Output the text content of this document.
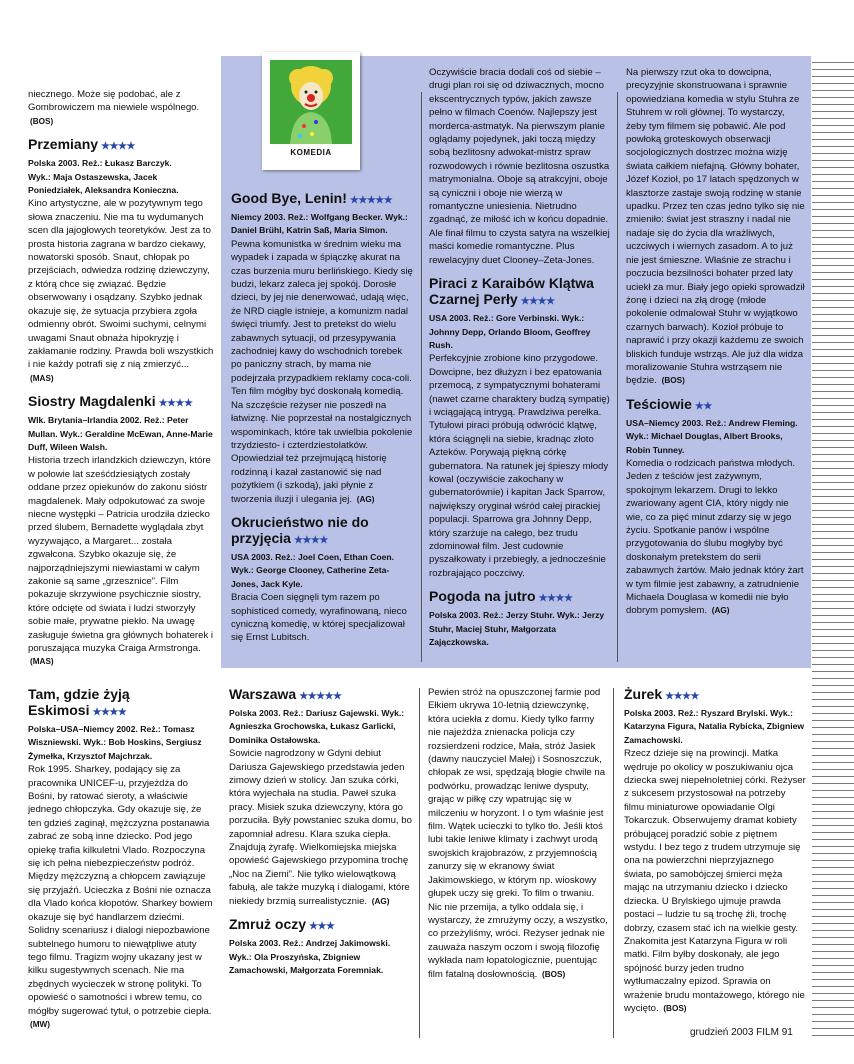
KOMEDIA

niecznego. Może się podobać, ale z Gombrowiczem ma niewiele wspólnego. (BOS)

Przemiany ★★★★

Polska 2003. Reż.: Łukasz Barczyk.

Wyk.: Maja Ostaszewska, Jacek Poniedziałek, Aleksandra Konieczna.

Kino artystyczne, ale w pozytywnym tego słowa znaczeniu. Nie ma tu wydumanych scen dla jajogłowych teoretyków. Jest za to prosta historia zagrana w bardzo ciekawy, nowatorski sposób. Snaut, chłopak po przejściach, odwiedza rodzinę dziewczyny, z którą chce się związać. Będzie obserwowany i osądzany. Szybko jednak okazuje się, że sytuacja przybiera zgoła odmienny obrót. Swoimi suchymi, celnymi uwagami Snaut obnaża hipokryzję i zakłamanie rodziny. Prawda boli wszystkich i nie każdy potrafi się z nią zmierzyć... (MAS)

Siostry Magdalenki ★★★★

Wlk. Brytania–Irlandia 2002. Reż.: Peter Mullan. Wyk.: Geraldine McEwan, Anne-Marie Duff, Wileen Walsh.

Historia trzech irlandzkich dziewczyn, które w połowie lat sześćdziesiątych zostały oddane przez opiekunów do zakonu sióstr magdalenek. Mały odpokutować za swoje niecne występki – Patricia urodziła dziecko przed ślubem, Bernadette wyglądała zbyt wyzywająco, a Margaret... została zgwałcona. Szybko okazuje się, że najporządniejszymi niewiastami w całym zakonie są same „grzesznice”. Film pokazuje skrzywione psychicznie siostry, które odcięte od świata i ludzi stworzyły sobie małe, prywatne piekło. Na uwagę zasługuje świetna gra głównych bohaterek i poruszająca muzyka Craiga Armstronga. (MAS)

Good Bye, Lenin! ★★★★★

Niemcy 2003. Reż.: Wolfgang Becker. Wyk.: Daniel Brühl, Katrin Saß, Maria Simon.

Pewna komunistka w średnim wieku ma wypadek i zapada w śpiączkę akurat na czas burzenia muru berlińskiego. Kiedy się budzi, lekarz zaleca jej spokój. Dorosłe dzieci, by jej nie denerwować, udają więc, że NRD ciągle istnieje, a komunizm nadal święci triumfy. Jest to pretekst do wielu zabawnych sytuacji, od przesypywania zachodniej kawy do wschodnich torebek po paniczny strach, by mama nie podejrzała przypadkiem reklamy coca-coli. Ten film mógłby być doskonałą komedią. Na szczęście reżyser nie poszedł na łatwiznę. Nie poprzestał na nostalgicznych wspominkach, które tak uwielbia pokolenie trzydziesto- i czterdziestolatków. Opowiedział też przejmującą historię rodzinną i kazał zastanowić się nad pożytkiem (i szkodą), jaki płynie z tworzenia iluzji i ulegania jej. (AG)

Okrucieństwo nie do przyjęcia ★★★★

USA 2003. Reż.: Joel Coen, Ethan Coen. Wyk.: George Clooney, Catherine Zeta-Jones, Jack Kyle.

Bracia Coen sięgnęli tym razem po sophisticed comedy, wyrafinowaną, nieco cyniczną komedię, w której specjalizował się Ernst Lubitsch.

Oczywiście bracia dodali coś od siebie – drugi plan roi się od dziwacznych, mocno ekscentrycznych typów, jakich zawsze pełno w filmach Coenów. Najlepszy jest morderca-astmatyk. Na pierwszym planie oglądamy pojedynek, jaki toczą między sobą bezlitosny adwokat-mistrz spraw rozwodowych i równie bezlitosna oszustka matrymonialna. Oboje są atrakcyjni, oboje są cyniczni i oboje nie wierzą w romantyczne uniesienia. Nietrudno zgadnąć, że miłość ich w końcu dopadnie. Ale finał filmu to czysta satyra na wszelkiej maści komedie romantyczne. Plus rewelacyjny duet Clooney–Zeta-Jones.

Piraci z Karaibów Klątwa Czarnej Perły ★★★★

USA 2003. Reż.: Gore Verbinski. Wyk.: Johnny Depp, Orlando Bloom, Geoffrey Rush.

Perfekcyjnie zrobione kino przygodowe. Dowcipne, bez dłużyzn i bez epatowania przemocą, z sympatycznymi bohaterami (nawet czarne charaktery budzą sympatię) i wciągającą intrygą. Prawdziwa perełka. Tytułowi piraci próbują odwrócić klątwę, która ściągnęli na siebie, kradnąc złoto Azteków. Porywają piękną córkę gubernatora. Na ratunek jej śpieszy młody kowal (oczywiście zakochany w gubernatorównie) i kapitan Jack Sparrow, największy oryginał wśród całej pirackiej populacji. Sparrowa gra Johnny Depp, który szarżuje na całego, bez trudu zdominował film. Jest cudownie pyszałkowaty i przebiegły, a jednocześnie rozbrajająco poczciwy.

Pogoda na jutro ★★★★

Polska 2003. Reż.: Jerzy Stuhr. Wyk.: Jerzy Stuhr, Maciej Stuhr, Małgorzata Zajączkowska.

Na pierwszy rzut oka to dowcipna, precyzyjnie skonstruowana i sprawnie opowiedziana komedia w stylu Stuhra ze Stuhrem w roli głównej. To wystarczy, żeby tym filmem się pobawić. Ale pod powłoką groteskowych obserwacji socjologicznych dostrzec można wizję świata całkiem niefajną. Główny bohater, Józef Kozioł, po 17 latach spędzonych w klasztorze zastaje swoją rodzinę w stanie upadku. Przez ten czas jedno tylko się nie zmieniło: świat jest straszny i nadal nie nadaje się do życia dla wrażliwych, uczciwych i wiernych zasadom. A to już nie jest śmieszne. Właśnie ze strachu i poczucia bezsilności bohater przed laty uciekł za mur. Biały jego opieki sprowadził żonę i dzieci na złą drogę (młode pokolenie odmalował Stuhr w wyjątkowo czarnych barwach). Kozioł próbuje to naprawić i przy okazji każdemu ze swoich bliskich funduje wstrząs. Ale już dla widza moralizowanie Stuhra wstrząsem nie będzie. (BOS)

Teściowie ★★

USA–Niemcy 2003. Reż.: Andrew Fleming. Wyk.: Michael Douglas, Albert Brooks, Robin Tunney.

Komedia o rodzicach państwa młodych. Jeden z teściów jest zażywnym, spokojnym lekarzem. Drugi to lekko zwariowany agent CIA, który nigdy nie wie, co za pięć minut zdarzy się w jego życiu. Spotkanie panów i wspólne przygotowania do ślubu mogłyby być doskonałym pretekstem do serii zabawnych żartów. Mało jednak który żart w tym filmie jest zabawny, a zatrudnienie Michaela Douglasa w komedii nie było dobrym pomysłem. (AG)

Tam, gdzie żyją Eskimosi ★★★★

Polska–USA–Niemcy 2002. Reż.: Tomasz Wiszniewski. Wyk.: Bob Hoskins, Sergiusz Żymełka, Krzysztof Majchrzak.

Rok 1995. Sharkey, podający się za pracownika UNICEF-u, przyjeżdża do Bośni, by ratować sieroty, a właściwie jednego chłopczyka. Gdy okazuje się, że ten gdzieś zaginął, mężczyzna postanawia zabrać ze sobą inne dziecko. Pod jego opiekę trafia kilkuletni Vlado. Rozpoczyna się ich pełna niebezpieczeństw podróż. Między mężczyzną a chłopcem zawiązuje się przyjaźń. Ucieczka z Bośni nie oznacza dla Vlado końca kłopotów. Sharkey bowiem okazuje się być handlarzem dziećmi. Solidny scenariusz i dialogi niepozbawione subtelnego humoru to niewątpliwe atuty tego filmu. Tragizm wojny ukazany jest w kilku sugestywnych scenach. Nie ma zbędnych wycieczek w stronę polityki. To opowieść o samotności i wbrew temu, co mógłby sugerować tytuł, o potrzebie ciepła. (MW)

Warszawa ★★★★★

Polska 2003. Reż.: Dariusz Gajewski. Wyk.: Agnieszka Grochowska, Łukasz Garlicki, Dominika Ostałowska.

Sowicie nagrodzony w Gdyni debiut Dariusza Gajewskiego przedstawia jeden zimowy dzień w stolicy. Jan szuka córki, która wyjechała na studia. Paweł szuka pracy. Misiek szuka dziewczyny, która go porzuciła. Były powstaniec szuka domu, bo zapomniał adresu. Klara szuka ciepła. Znajdują żyrafę. Wielkomiejska miejska opowieść Gajewskiego przypomina trochę „Noc na Ziemi”. Nie tylko wielowątkową fabułą, ale także muzyką i dialogami, które niekiedy brzmią surrealistycznie. (AG)

Zmruż oczy ★★★

Polska 2003. Reż.: Andrzej Jakimowski. Wyk.: Ola Proszyńska, Zbigniew Zamachowski, Małgorzata Foremniak.

Pewien stróż na opuszczonej farmie pod Ełkiem ukrywa 10-letnią dziewczynkę, która uciekła z domu. Kiedy tylko farmy nie najeżdża znienacka policja czy rozsierdzeni rodzice, Mała, stróż Jasiek (dawny nauczyciel Małej) i Sosnoszczuk, chłopak ze wsi, spędzają błogie chwile na podwórku, prowadząc leniwe dysputy, grając w piłkę czy wpatrując się w milczeniu w horyzont. I o tym właśnie jest film. Wątek ucieczki to tylko tło. Jeśli ktoś lubi takie leniwe klimaty i zachwyt urodą swojskich krajobrazów, z przyjemnością zanurzy się w ekranowy świat Jakimowskiego, w którym np. wioskowy głupek uczy się greki. To film o trwaniu. Nic nie przemija, a tylko oddala się, i wystarczy, że zmrużymy oczy, a wszystko, co przeżyliśmy, wróci. Reżyser jednak nie zauważa naszym oczom i swoją filozofię wykłada nam łopatologicznie, puentując film fatalną dosłownością. (BOS)

Żurek ★★★★

Polska 2003. Reż.: Ryszard Brylski. Wyk.: Katarzyna Figura, Natalia Rybicka, Zbigniew Zamachowski.

Rzecz dzieje się na prowincji. Matka wędruje po okolicy w poszukiwaniu ojca dziecka swej niepełnoletniej córki. Reżyser z sukcesem przystosował na potrzeby filmu miniaturowe opowiadanie Olgi Tokarczuk. Obserwujemy dramat kobiety próbującej poradzić sobie z piętnem wstydu. I bez tego z trudem utrzymuje się ona na powierzchni nieprzyjaznego świata, po samobójczej śmierci męża mając na utrzymaniu dziecko i dziecko dziecka. U Brylskiego ujmuje prawda postaci – ludzie tu są trochę źli, trochę dobrzy, czasem stać ich na wielkie gesty. Znakomita jest Katarzyna Figura w roli matki. Film byłby doskonały, ale jego spójność burzy jeden trudno wytłumaczalny epizod. Sprawia on wrażenie brudu montażowego, którego nie wycięto. (BOS)

grudzień 2003 FILM 91
